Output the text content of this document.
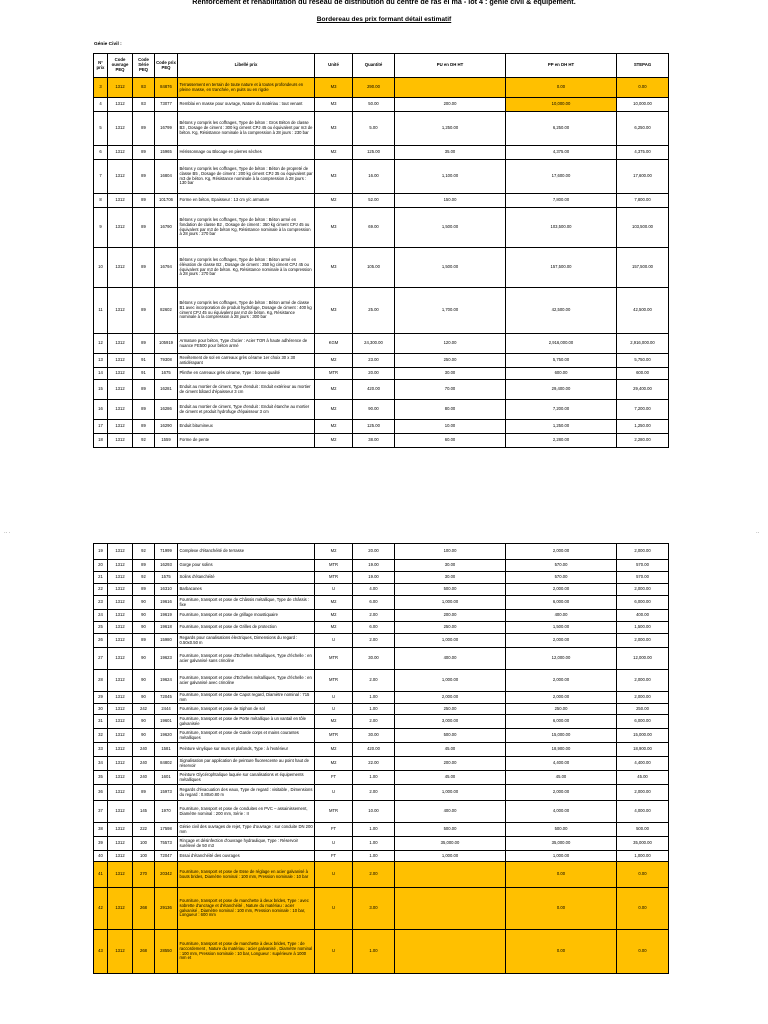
Renforcement et réhabilitation du réseau de distribution du centre de ras el ma - lot 4 : génie civil & équipement.
Bordereau des prix formant détail estimatif
Génie Civil :
N° prix	Code ouvrage PEQ	Code Série PEQ	Code prix PEQ	Libellé prix	Unité	Quantité	PU en DH HT	PP en DH HT	STEPAG
3	1312	83	84876	Terrassement en terrain de toute nature et à toutes profondeurs en pleine masse, en tranchée, en puits ou en rigole	M3	290.00		0.00	0.00
4	1312	83	73077	Remblai en masse pour ouvrage, Nature du matériau : tout venant	M3	50.00	200.00	10,000.00	10,000.00
5	1312	89	16799	Bétons y compris les coffrages, Type de béton : Gros Béton de classe B3 , Dosage de ciment : 300 kg ciment CPJ 45 ou équivalent par m3 de béton. Kg, Résistance nominale à la compression à 28 jours : 230 bar	M3	5.00	1,250.00	6,250.00	6,250.00
6	1312	89	15965	Hérissonnage ou Blocage en pierres sèches	M2	125.00	35.00	4,375.00	4,375.00
7	1312	89	16804	Bétons y compris les coffrages, Type de béton : Béton de propreté de classe B5 , Dosage de ciment : 200 kg ciment CPJ 35 ou équivalent par m3 de béton. Kg, Résistance nominale à la compression à 28 jours : 130 bar	M3	16.00	1,100.00	17,600.00	17,600.00
8	1312	89	101706	Forme en béton, Epaisseur : 13 cm y/c armature	M2	52.00	150.00	7,800.00	7,800.00
9	1312	89	16790	Bétons y compris les coffrages, Type de béton : Béton armé en fondation de classe B2 , Dosage de ciment : 350 kg ciment CPJ 45 ou équivalent par m3 de béton Kg, Résistance nominale à la compression à 28 jours : 270 bar	M3	69.00	1,500.00	103,500.00	103,500.00
10	1312	89	16794	Bétons y compris les coffrages, Type de béton : Béton armé en élévation de classe B2 , Dosage de ciment : 350 kg ciment CPJ 45 ou équivalent par m3 de béton. Kg, Résistance nominale à la compression à 28 jours : 270 bar	M3	105.00	1,500.00	157,500.00	157,500.00
11	1312	89	82602	Bétons y compris les coffrages, Type de béton : Béton armé de classe B1 avec incorporation de produit hydrofuge, Dosage de ciment : 400 kg ciment CPJ 45 ou équivalent par m3 de béton. Kg, Résistance nominale à la compression à 28 jours : 300 bar	M3	25.00	1,700.00	42,500.00	42,500.00
12	1312	89	105919	Armature pour béton, Type d'acier : Acier TOR à haute adhérence de nuance FE500 pour béton armé	KGM	24,300.00	120.00	2,916,000.00	2,916,000.00
13	1312	91	79308	Revêtement de sol en carreaux grès cérame 1er choix 30 x 30 antidérapant	M2	23.00	250.00	5,750.00	5,750.00
14	1312	91	1675	Plinthe en carreaux grès cérame, Type : bonne qualité	MTR	20.00	30.00	600.00	600.00
15	1312	89	16281	Enduit au mortier de ciment, Type d'enduit : Enduit extérieur au mortier de ciment bâtard d'épaisseur 3 cm	M2	420.00	70.00	29,400.00	29,400.00
16	1312	89	16286	Enduit au mortier de ciment, Type d'enduit : Enduit étanche au mortier de ciment et produit hydrofuge d'épaisseur 3 cm	M2	90.00	80.00	7,200.00	7,200.00
17	1312	89	16290	Enduit bitumineux	M2	125.00	10.00	1,250.00	1,250.00
18	1312	92	1559	Forme de pente	M2	38.00	60.00	2,280.00	2,280.00
·· ·	··
19	1312	92	71999	Complexe d'étanchéité de terrasse	M2	20.00	100.00	2,000.00	2,000.00
20	1312	89	16293	Gorge pour solins	MTR	19.00	30.00	570.00	570.00
21	1312	92	1575	Solins d'étanchéité	MTR	19.00	30.00	570.00	570.00
22	1312	89	16310	Barbacanes	U	4.00	500.00	2,000.00	2,000.00
23	1312	90	19616	Fourniture, transport et pose de Châssis métallique, Type de châssis : fixe	M2	6.00	1,000.00	6,000.00	6,000.00
24	1312	90	19619	Fourniture, transport et pose de grillage moustiquaire	M2	2.00	200.00	400.00	400.00
25	1312	90	19618	Fourniture, transport et pose de Grilles de protection	M2	6.00	250.00	1,500.00	1,500.00
26	1312	89	15980	Regards pour canalisations électriques, Dimensions du regard : 0.50x0.50 m	U	2.00	1,000.00	2,000.00	2,000.00
27	1312	90	19623	Fourniture, transport et pose d'Echelles métalliques, Type d'échelle : en acier galvanisé sans crinoline	MTR	30.00	400.00	12,000.00	12,000.00
28	1312	90	19624	Fourniture, transport et pose d'Echelles métalliques, Type d'échelle : en acier galvanisé avec crinoline	MTR	2.00	1,000.00	2,000.00	2,000.00
29	1312	90	72045	Fourniture, transport et pose de Capot regard, Diamètre nominal : 715 mm	U	1.00	2,000.00	2,000.00	2,000.00
30	1312	242	2444	Fourniture, transport et pose de Siphon de sol	U	1.00	250.00	250.00	250.00
31	1312	90	19601	Fourniture, transport et pose de Porte métallique à un vantail en tôle galvanisée	M2	2.00	3,000.00	6,000.00	6,000.00
32	1312	90	19620	Fourniture, transport et pose de Garde corps et mains courantes métalliques	MTR	30.00	500.00	15,000.00	15,000.00
33	1312	240	1581	Peinture vinylique sur murs et plafonds, Type : à l'extérieur	M2	420.00	45.00	18,900.00	18,900.00
34	1312	240	84802	Signalisation par application de peinture fluorescente au point haut de réservoir	M2	22.00	200.00	4,400.00	4,400.00
35	1312	240	1601	Peinture Glycérophtalique laquée sur canalisations et équipements métalliques	FT	1.00	45.00	45.00	45.00
36	1312	89	15973	Regards d'évacuation des eaux, Type de regard : visitable , Dimensions du regard : 0.80x0.80 m	U	2.00	1,000.00	2,000.00	2,000.00
37	1312	145	1970	Fourniture, transport et pose de conduites en PVC – assainissement, Diamètre nominal : 200 mm, Série : II	MTR	10.00	400.00	4,000.00	4,000.00
38	1312	222	17598	Génie civil des ouvrages de rejet, Type d'ouvrage : sur conduite DN 200 mm	FT	1.00	500.00	500.00	500.00
39	1312	100	75573	Rinçage et désinfection d'ouvrage hydraulique, Type : Réservoir surélevé de 50 m3	U	1.00	35,000.00	35,000.00	35,000.00
40	1312	100	72047	Essai d'étanchéité des ouvrages	FT	1.00	1,000.00	1,000.00	1,000.00
41	1312	270	20342	Fourniture, transport et pose de Esse de réglage en acier galvanisé à bouts brides, Diamètre nominal : 100 mm, Pression nominale : 10 bar	U	2.00		0.00	0.00
42	1312	268	29136	Fourniture, transport et pose de manchette à deux brides, Type : avec sobrette d'ancrage et d'étanchéité , Nature du matériau : acier galvanisé , Diamètre nominal : 100 mm, Pression nominale : 10 bar, Longueur : 600 mm	U	3.00		0.00	0.00
43	1312	268	28550	Fourniture, transport et pose de manchette à deux brides, Type : de raccordement , Nature du matériau : acier galvanisé , Diamètre nominal : 100 mm, Pression nominale : 10 bar, Longueur : supérieure à 1000 mm et	U	1.00		0.00	0.00
